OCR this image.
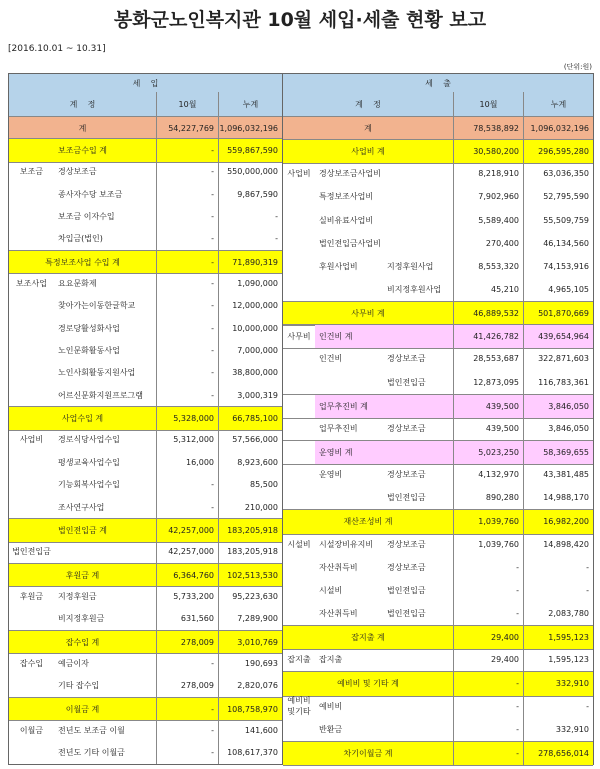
봉화군노인복지관 10월 세입·세출 현황 보고
[2016.10.01 ~ 10.31]
(단위:원)
세    입
계    정	10월	누계
계	54,227,769 1,096,032,196
보조금수입 계	-	559,867,590
보조금	경상보조금	-	550,000,000
종사자수당 보조금	-	9,867,590
보조금 이자수입	-	-
차입금(법인)	-	-
특정보조사업 수입 계	-	71,890,319
보조사업	요요문화제	-	1,090,000
찾아가는이동한글학교	-	12,000,000
경로당활성화사업	-	10,000,000
노인문화활동사업	-	7,000,000
노인사회활동지원사업	-	38,800,000
어르신문화지원프로그램	-	3,000,319
사업수입 계	5,328,000	66,785,100
사업비	경로식당사업수입	5,312,000	57,566,000
평생교육사업수입	16,000	8,923,600
기능회복사업수입	-	85,500
조사연구사업	-	210,000
법인전입금 계	42,257,000	183,205,918
법인전입금	42,257,000	183,205,918
후원금 계	6,364,760	102,513,530
후원금	지정후원금	5,733,200	95,223,630
비지정후원금	631,560	7,289,900
잡수입 계	278,009	3,010,769
잡수입	예금이자	-	190,693
기타 잡수입	278,009	2,820,076
이월금 계	-	108,758,970
이월금	전년도 보조금 이월	-	141,600
전년도 기타 이월금	-	108,617,370
세    출
계    정	10월	누계
계	78,538,892	1,096,032,196
사업비 계	30,580,200	296,595,280
사업비	경상보조금사업비	8,218,910	63,036,350
특정보조사업비	7,902,960	52,795,590
실비유료사업비	5,589,400	55,509,759
법인전입금사업비	270,400	46,134,560
후원사업비	지정후원사업	8,553,320	74,153,916
비지정후원사업	45,210	4,965,105
사무비 계	46,889,532	501,870,669
사무비	인건비 계	41,426,782	439,654,964
인건비	경상보조금	28,553,687	322,871,603
법인전입금	12,873,095	116,783,361
업무추진비 계	439,500	3,846,050
업무추진비	경상보조금	439,500	3,846,050
운영비 계	5,023,250	58,369,655
운영비	경상보조금	4,132,970	43,381,485
법인전입금	890,280	14,988,170
재산조성비 계	1,039,760	16,982,200
시설비	시설장비유지비	경상보조금	1,039,760	14,898,420
자산취득비	경상보조금	-	-
시설비	법인전입금	-	-
자산취득비	법인전입금	-	2,083,780
잡지출 계	29,400	1,595,123
잡지출	잡지출	29,400	1,595,123
예비비 및 기타 계	-	332,910
예비비
및기타
예비비	-	-
반환금	-	332,910
차기이월금 계	-	278,656,014
